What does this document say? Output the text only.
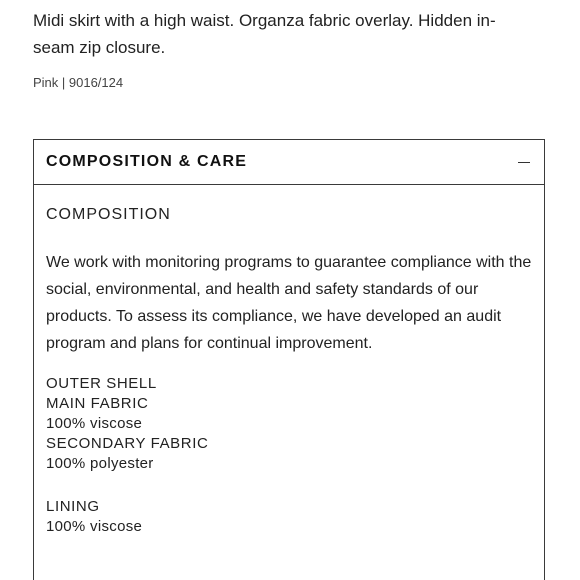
Midi skirt with a high waist. Organza fabric overlay. Hidden in-seam zip closure.
Pink | 9016/124
COMPOSITION & CARE
COMPOSITION
We work with monitoring programs to guarantee compliance with the social, environmental, and health and safety standards of our products. To assess its compliance, we have developed an audit program and plans for continual improvement.
OUTER SHELL
MAIN FABRIC
100% viscose
SECONDARY FABRIC
100% polyester
LINING
100% viscose
